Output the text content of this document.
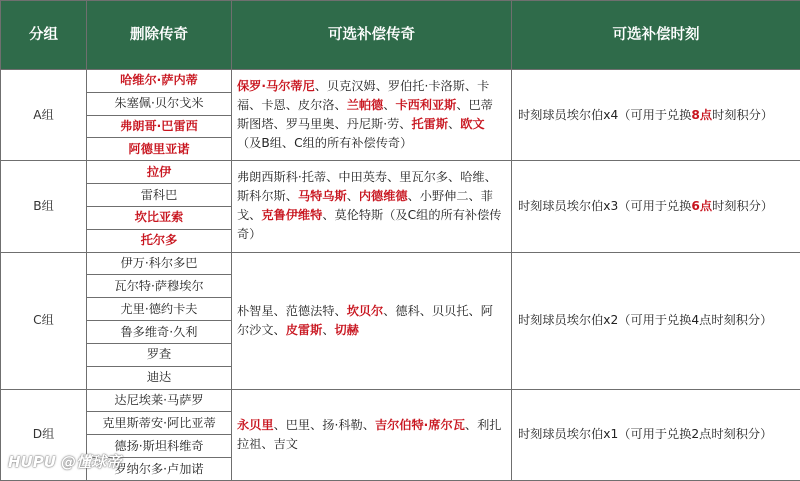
分组	删除传奇	可选补偿传奇	可选补偿时刻
A组	哈维尔·萨内蒂	保罗·马尔蒂尼、贝克汉姆、罗伯托·卡洛斯、卡福、卡恩、皮尔洛、兰帕德、卡西利亚斯、巴蒂斯图塔、罗马里奥、丹尼斯·劳、托雷斯、欧文（及B组、C组的所有补偿传奇）	时刻球员埃尔伯x4（可用于兑换8点时刻积分）
	朱塞佩·贝尔戈米		
	弗朗哥·巴雷西		
	阿德里亚诺		
B组	拉伊	弗朗西斯科·托蒂、中田英寿、里瓦尔多、哈维、斯科尔斯、马特乌斯、内德维德、小野伸二、菲戈、克鲁伊维特、莫伦特斯（及C组的所有补偿传奇）	时刻球员埃尔伯x3（可用于兑换6点时刻积分）
	雷科巴		
	坎比亚索		
	托尔多		
C组	伊万·科尔多巴	朴智星、范德法特、坎贝尔、德科、贝贝托、阿尔沙文、皮雷斯、切赫	时刻球员埃尔伯x2（可用于兑换4点时刻积分）
	瓦尔特·萨穆埃尔		
	尤里·德约卡夫		
	鲁多维奇·久利		
	罗查		
	迪达		
D组	达尼埃莱·马萨罗	永贝里、巴里、扬·科勒、吉尔伯特·席尔瓦、利扎拉祖、吉文	时刻球员埃尔伯x1（可用于兑换2点时刻积分）
	克里斯蒂安·阿比亚蒂		
	德扬·斯坦科维奇		
	罗纳尔多·卢加诺		
HUPU @懂球帝
